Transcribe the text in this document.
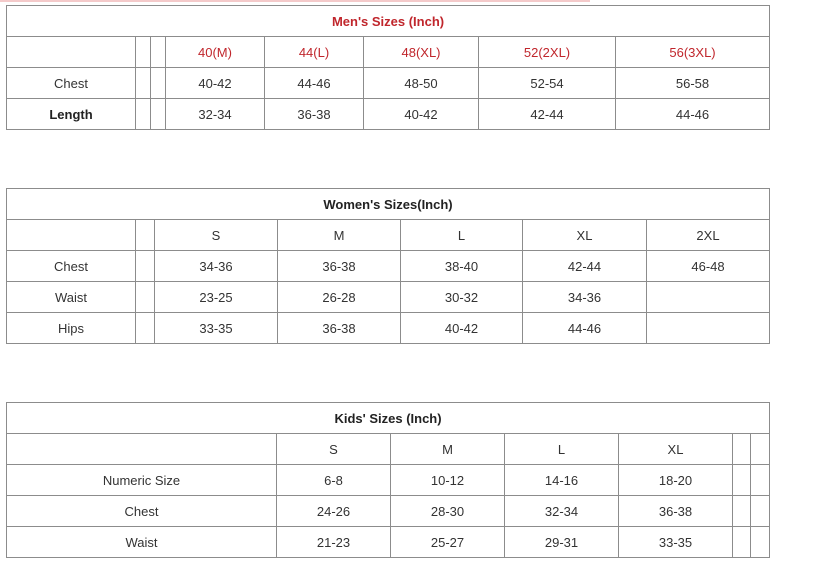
Men's Sizes (Inch)							
			40(M)	44(L)	48(XL)	52(2XL)	56(3XL)
Chest			40-42	44-46	48-50	52-54	56-58
Length			32-34	36-38	40-42	42-44	44-46
Women's Sizes(Inch)						
		S	M	L	XL	2XL
Chest		34-36	36-38	38-40	42-44	46-48
Waist		23-25	26-28	30-32	34-36	
Hips		33-35	36-38	40-42	44-46	
Kids' Sizes (Inch)						
	S	M	L	XL		
Numeric Size	6-8	10-12	14-16	18-20		
Chest	24-26	28-30	32-34	36-38		
Waist	21-23	25-27	29-31	33-35		
